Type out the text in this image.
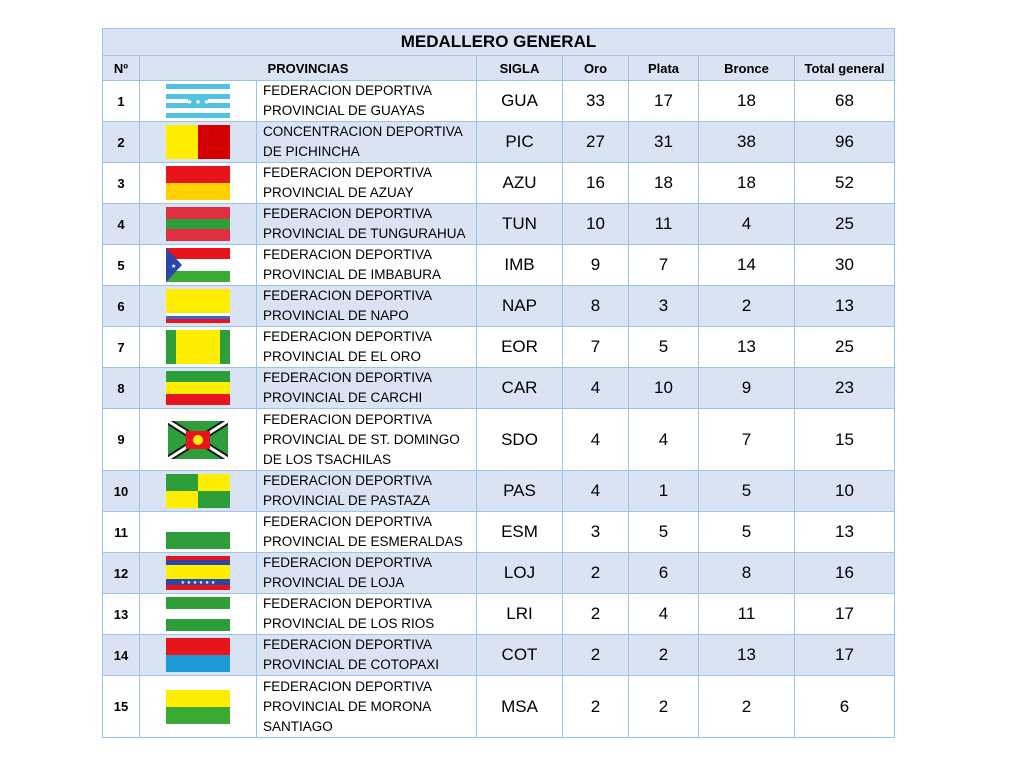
MEDALLERO GENERAL							
Nº	PROVINCIAS		SIGLA	Oro	Plata	Bronce	Total general
1	★ ★ ★	FEDERACION DEPORTIVA
PROVINCIAL DE GUAYAS	GUA	33	17	18	68
2		CONCENTRACION DEPORTIVA
DE PICHINCHA	PIC	27	31	38	96
3		FEDERACION DEPORTIVA
PROVINCIAL DE AZUAY	AZU	16	18	18	52
4		FEDERACION DEPORTIVA
PROVINCIAL DE TUNGURAHUA	TUN	10	11	4	25
5	★	FEDERACION DEPORTIVA
PROVINCIAL DE IMBABURA	IMB	9	7	14	30
6		FEDERACION DEPORTIVA
PROVINCIAL DE NAPO	NAP	8	3	2	13
7		FEDERACION DEPORTIVA
PROVINCIAL DE EL ORO	EOR	7	5	13	25
8		FEDERACION DEPORTIVA
PROVINCIAL DE CARCHI	CAR	4	10	9	23
9		FEDERACION DEPORTIVA
PROVINCIAL DE ST. DOMINGO
DE LOS TSACHILAS	SDO	4	4	7	15
10		FEDERACION DEPORTIVA
PROVINCIAL DE PASTAZA	PAS	4	1	5	10
11		FEDERACION DEPORTIVA
PROVINCIAL DE ESMERALDAS	ESM	3	5	5	13
12	★ ★ ★ ★ ★ ★	FEDERACION DEPORTIVA
PROVINCIAL DE LOJA	LOJ	2	6	8	16
13		FEDERACION DEPORTIVA
PROVINCIAL DE LOS RIOS	LRI	2	4	11	17
14		FEDERACION DEPORTIVA
PROVINCIAL DE COTOPAXI	COT	2	2	13	17
15		FEDERACION DEPORTIVA
PROVINCIAL DE MORONA
SANTIAGO	MSA	2	2	2	6
